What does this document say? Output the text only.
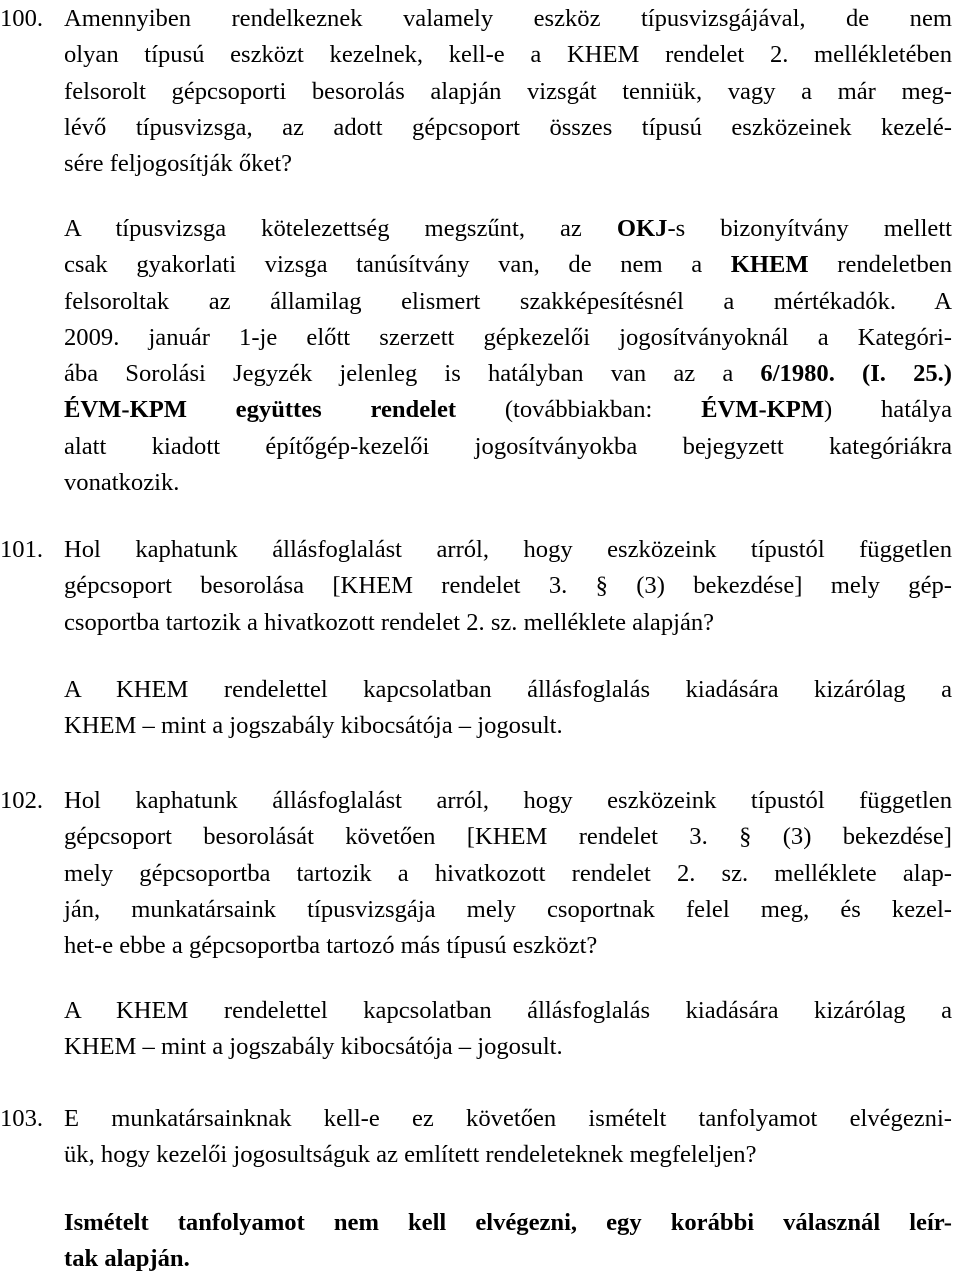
100. Amennyiben rendelkeznek valamely eszköz típusvizsgájával, de nem
olyan típusú eszközt kezelnek, kell-e a KHEM rendelet 2. mellékletében
felsorolt gépcsoporti besorolás alapján vizsgát tenniük, vagy a már meg-
lévő típusvizsga, az adott gépcsoport összes típusú eszközeinek kezelé-
sére feljogosítják őket?
A típusvizsga kötelezettség megszűnt, az OKJ-s bizonyítvány mellett
csak gyakorlati vizsga tanúsítvány van, de nem a KHEM rendeletben
felsoroltak az államilag elismert szakképesítésnél a mértékadók. A
2009. január 1-je előtt szerzett gépkezelői jogosítványoknál a Kategóri-
ába Sorolási Jegyzék jelenleg is hatályban van az a 6/1980. (I. 25.)
ÉVM-KPM együttes rendelet (továbbiakban: ÉVM-KPM) hatálya
alatt kiadott építőgép-kezelői jogosítványokba bejegyzett kategóriákra
vonatkozik.
101. Hol kaphatunk állásfoglalást arról, hogy eszközeink típustól független
gépcsoport besorolása [KHEM rendelet 3. § (3) bekezdése] mely gép-
csoportba tartozik a hivatkozott rendelet 2. sz. melléklete alapján?
A KHEM rendelettel kapcsolatban állásfoglalás kiadására kizárólag a
KHEM – mint a jogszabály kibocsátója – jogosult.
102. Hol kaphatunk állásfoglalást arról, hogy eszközeink típustól független
gépcsoport besorolását követően [KHEM rendelet 3. § (3) bekezdése]
mely gépcsoportba tartozik a hivatkozott rendelet 2. sz. melléklete alap-
ján, munkatársaink típusvizsgája mely csoportnak felel meg, és kezel-
het-e ebbe a gépcsoportba tartozó más típusú eszközt?
A KHEM rendelettel kapcsolatban állásfoglalás kiadására kizárólag a
KHEM – mint a jogszabály kibocsátója – jogosult.
103. E munkatársainknak kell-e ez követően ismételt tanfolyamot elvégezni-
ük, hogy kezelői jogosultságuk az említett rendeleteknek megfeleljen?
Ismételt tanfolyamot nem kell elvégezni, egy korábbi válasznál leír-
tak alapján.
